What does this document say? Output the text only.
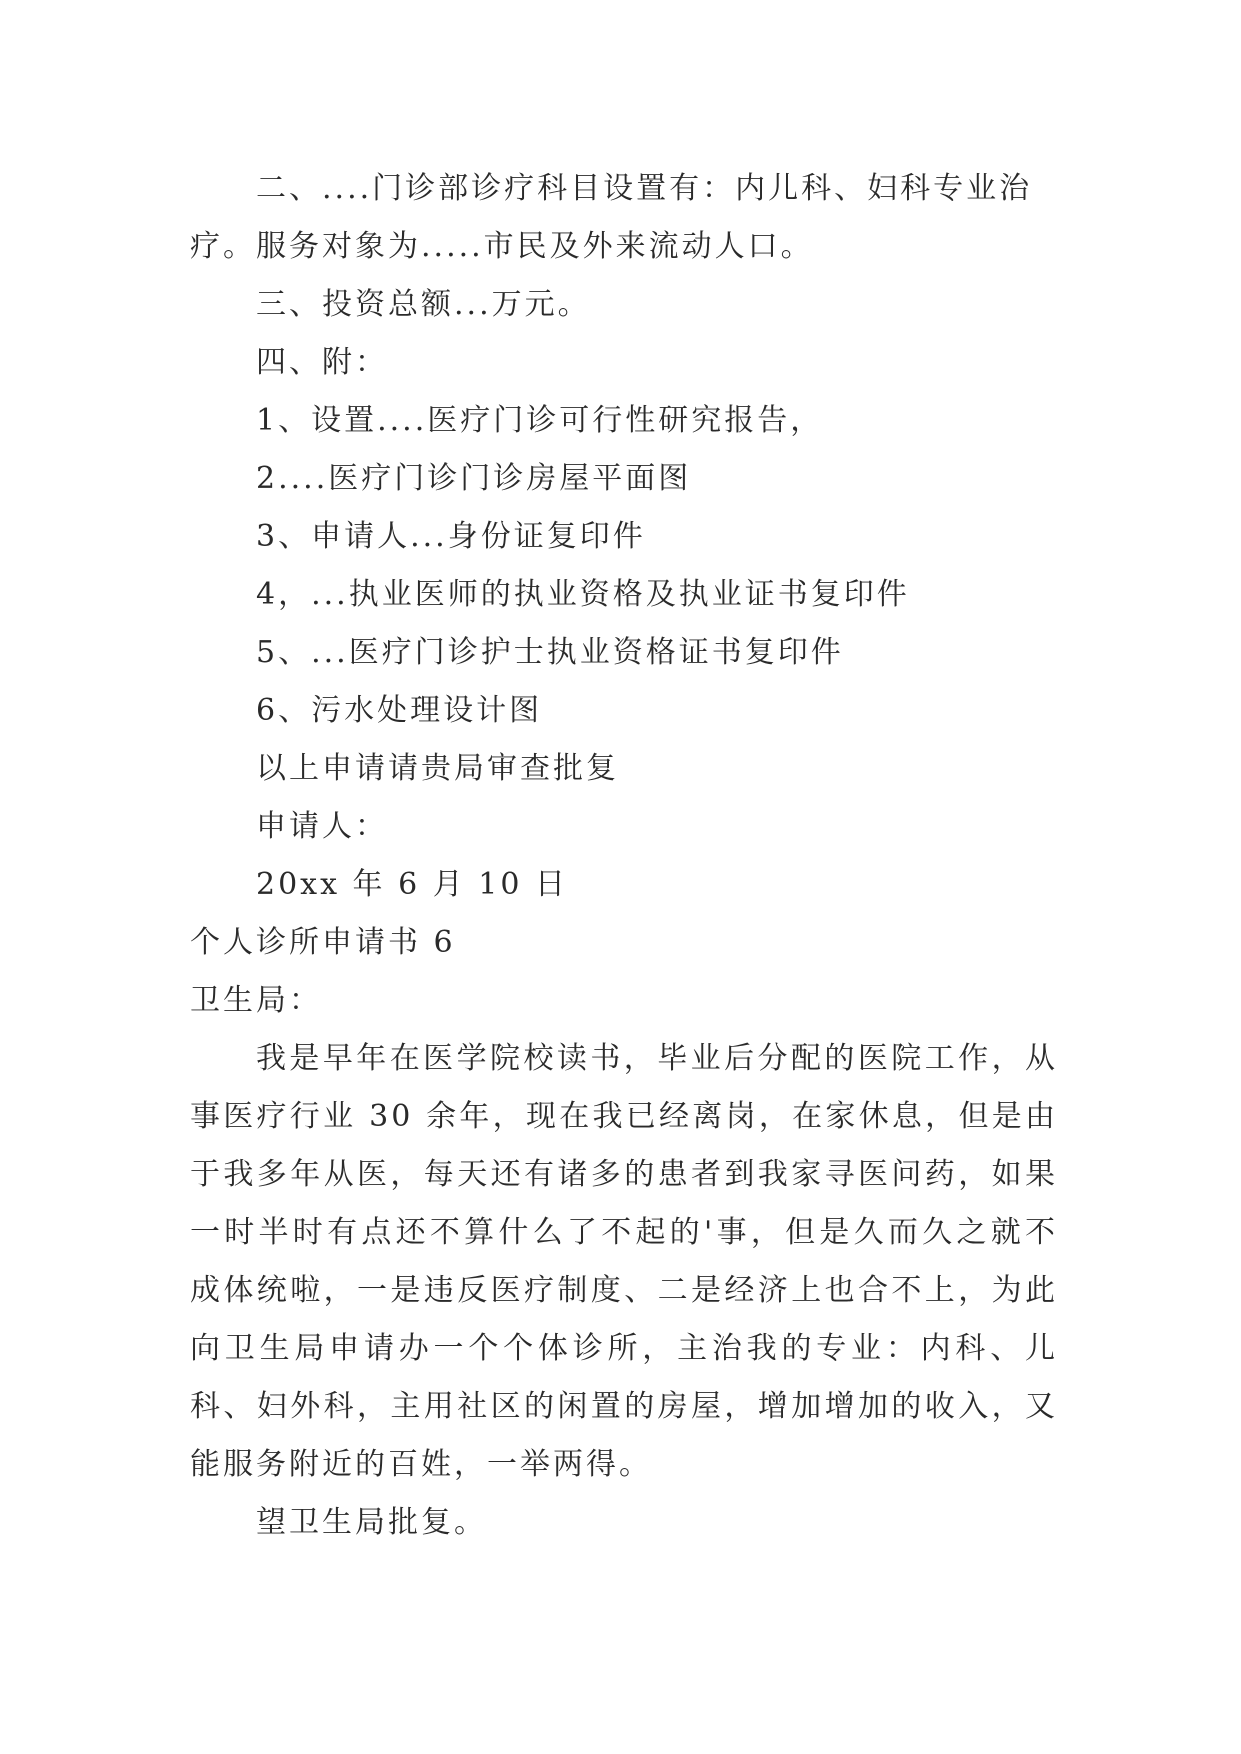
二、....门诊部诊疗科目设置有：内儿科、妇科专业治
疗。服务对象为.....市民及外来流动人口。
三、投资总额...万元。
四、附：
1、设置....医疗门诊可行性研究报告，
2....医疗门诊门诊房屋平面图
3、申请人...身份证复印件
4，...执业医师的执业资格及执业证书复印件
5、...医疗门诊护士执业资格证书复印件
6、污水处理设计图
以上申请请贵局审查批复
申请人：
20xx 年 6 月 10 日
个人诊所申请书 6
卫生局：

我是早年在医学院校读书，毕业后分配的医院工作，从事医疗行业 30 余年，现在我已经离岗，在家休息，但是由于我多年从医，每天还有诸多的患者到我家寻医问药，如果一时半时有点还不算什么了不起的'事，但是久而久之就不成体统啦，一是违反医疗制度、二是经济上也合不上，为此向卫生局申请办一个个体诊所，主治我的专业：内科、儿科、妇外科，主用社区的闲置的房屋，增加增加的收入，又能服务附近的百姓，一举两得。

望卫生局批复。
